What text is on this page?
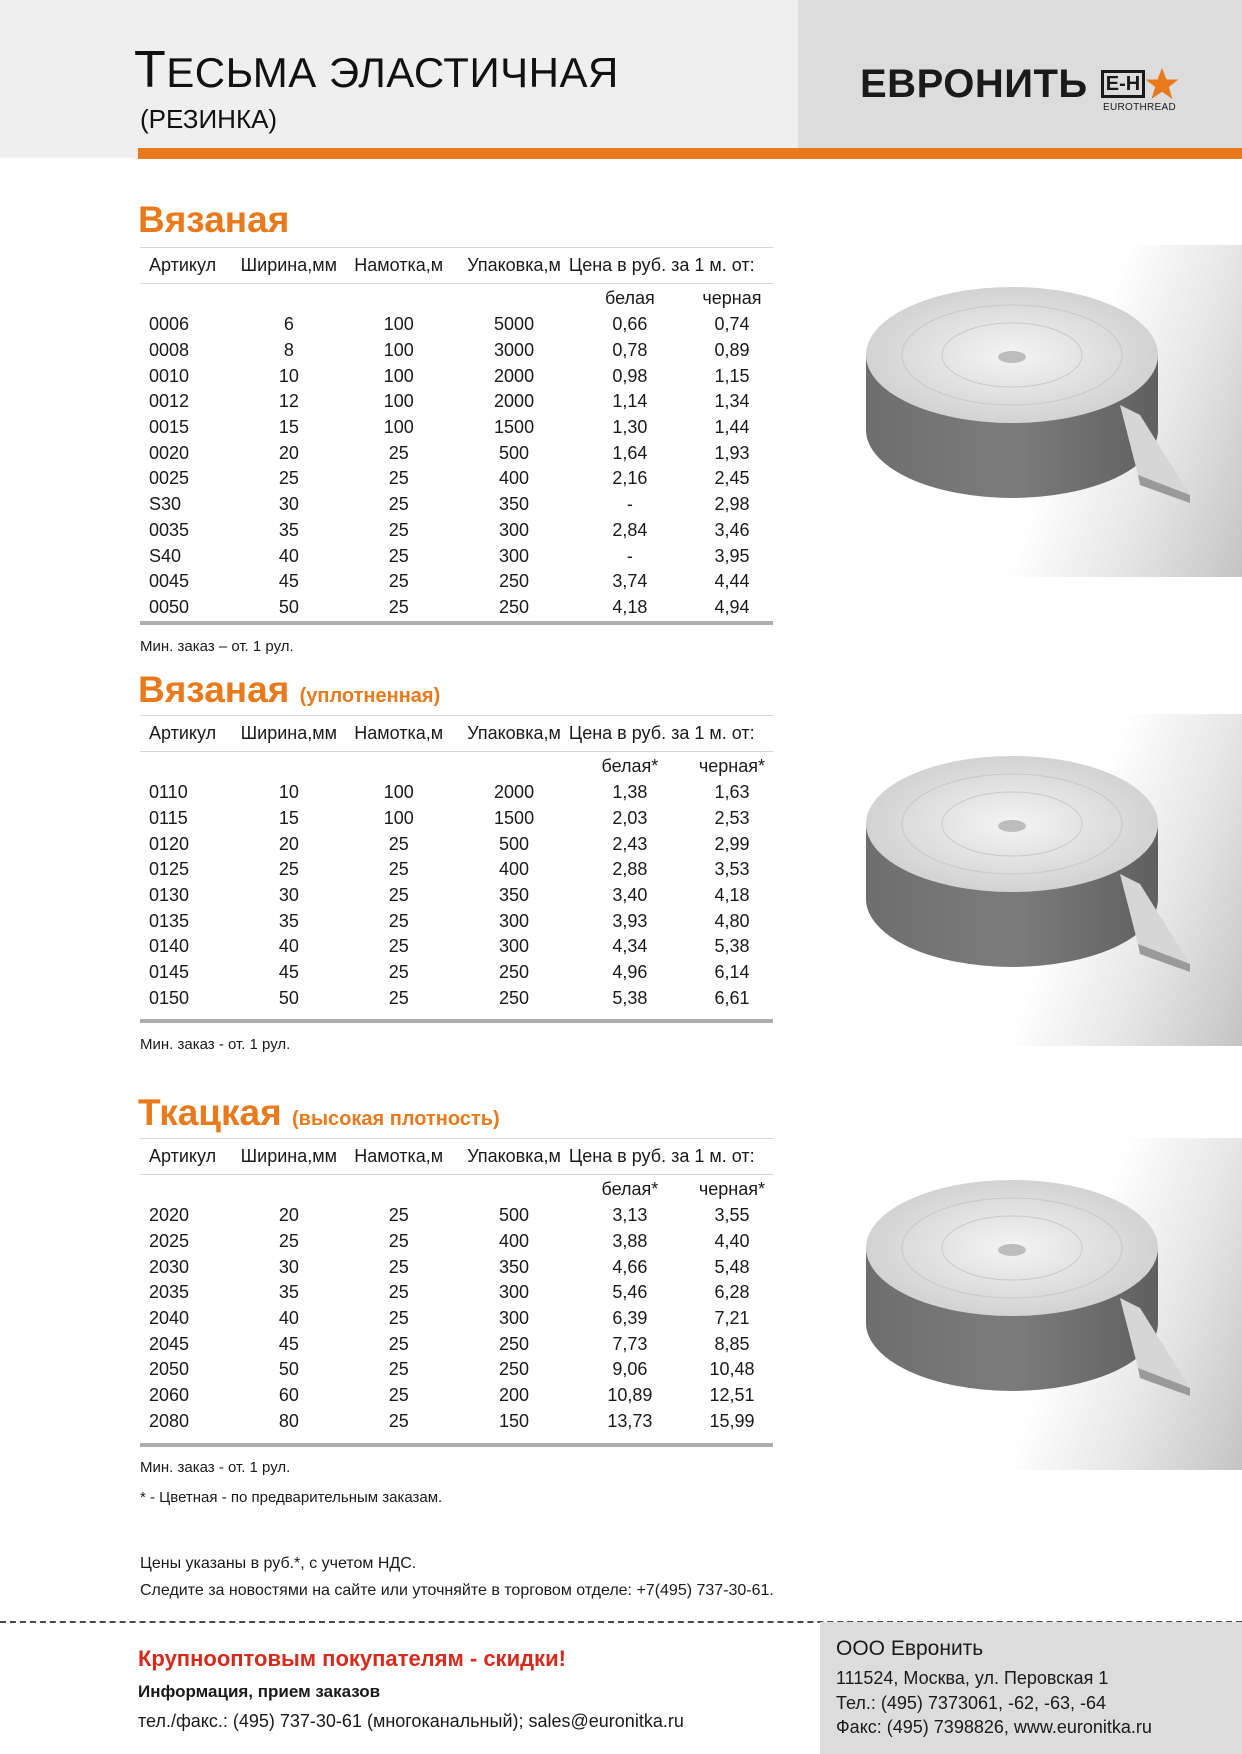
ТЕСЬМА ЭЛАСТИЧНАЯ
(РЕЗИНКА)
ЕВРОНИТЬ Е-Н
EUROTHREAD
Вязаная
Артикул	Ширина,мм	Намотка,м	Упаковка,м	Цена в руб. за 1 м. от:	
				белая	черная
0006	6	100	5000	0,66	0,74
0008	8	100	3000	0,78	0,89
0010	10	100	2000	0,98	1,15
0012	12	100	2000	1,14	1,34
0015	15	100	1500	1,30	1,44
0020	20	25	500	1,64	1,93
0025	25	25	400	2,16	2,45
S30	30	25	350	-	2,98
0035	35	25	300	2,84	3,46
S40	40	25	300	-	3,95
0045	45	25	250	3,74	4,44
0050	50	25	250	4,18	4,94
Мин. заказ – от. 1 рул.
Вязаная (уплотненная)
Артикул	Ширина,мм	Намотка,м	Упаковка,м	Цена в руб. за 1 м. от:	
				белая*	черная*
0110	10	100	2000	1,38	1,63
0115	15	100	1500	2,03	2,53
0120	20	25	500	2,43	2,99
0125	25	25	400	2,88	3,53
0130	30	25	350	3,40	4,18
0135	35	25	300	3,93	4,80
0140	40	25	300	4,34	5,38
0145	45	25	250	4,96	6,14
0150	50	25	250	5,38	6,61
Мин. заказ - от. 1 рул.
Ткацкая (высокая плотность)
Артикул	Ширина,мм	Намотка,м	Упаковка,м	Цена в руб. за 1 м. от:	
				белая*	черная*
2020	20	25	500	3,13	3,55
2025	25	25	400	3,88	4,40
2030	30	25	350	4,66	5,48
2035	35	25	300	5,46	6,28
2040	40	25	300	6,39	7,21
2045	45	25	250	7,73	8,85
2050	50	25	250	9,06	10,48
2060	60	25	200	10,89	12,51
2080	80	25	150	13,73	15,99
Мин. заказ - от. 1 рул.
* - Цветная - по предварительным заказам.
Цены указаны в руб.*, с учетом НДС.
Следите за новостями на сайте или уточняйте в торговом отделе: +7(495) 737-30-61.
Крупнооптовым покупателям - скидки!
Информация, прием заказов
тел./факс.: (495) 737-30-61 (многоканальный); sales@euronitka.ru
ООО Евронить
111524, Москва, ул. Перовская 1
Тел.: (495) 7373061, -62, -63, -64
Факс: (495) 7398826, www.euronitka.ru
